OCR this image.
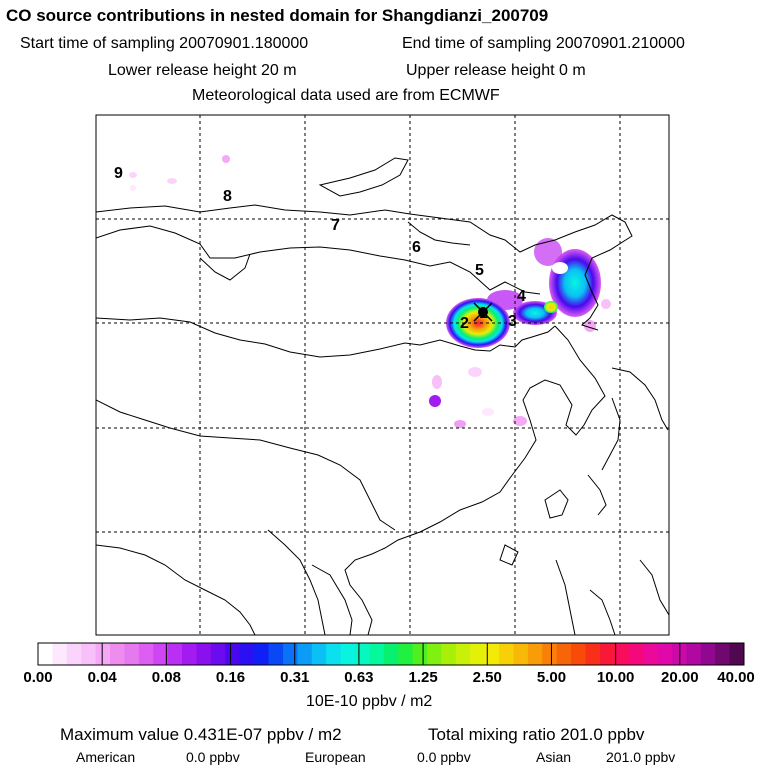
CO source contributions in nested domain for Shangdianzi_200709
Start time of sampling 20070901.180000	End time of sampling 20070901.210000
Lower release height 20 m	Upper release height 0 m
Meteorological data used are from ECMWF
1
2 3
4
5
6
7
8
9
0.00 0.04 0.08 0.16 0.31 0.63 1.25 2.50 5.00 10.00 20.00 40.00
10E-10 ppbv / m2
Maximum value 0.431E-07 ppbv / m2	Total mixing ratio 201.0 ppbv
American	0.0 ppbv	European	0.0 ppbv	Asian 201.0 ppbv
